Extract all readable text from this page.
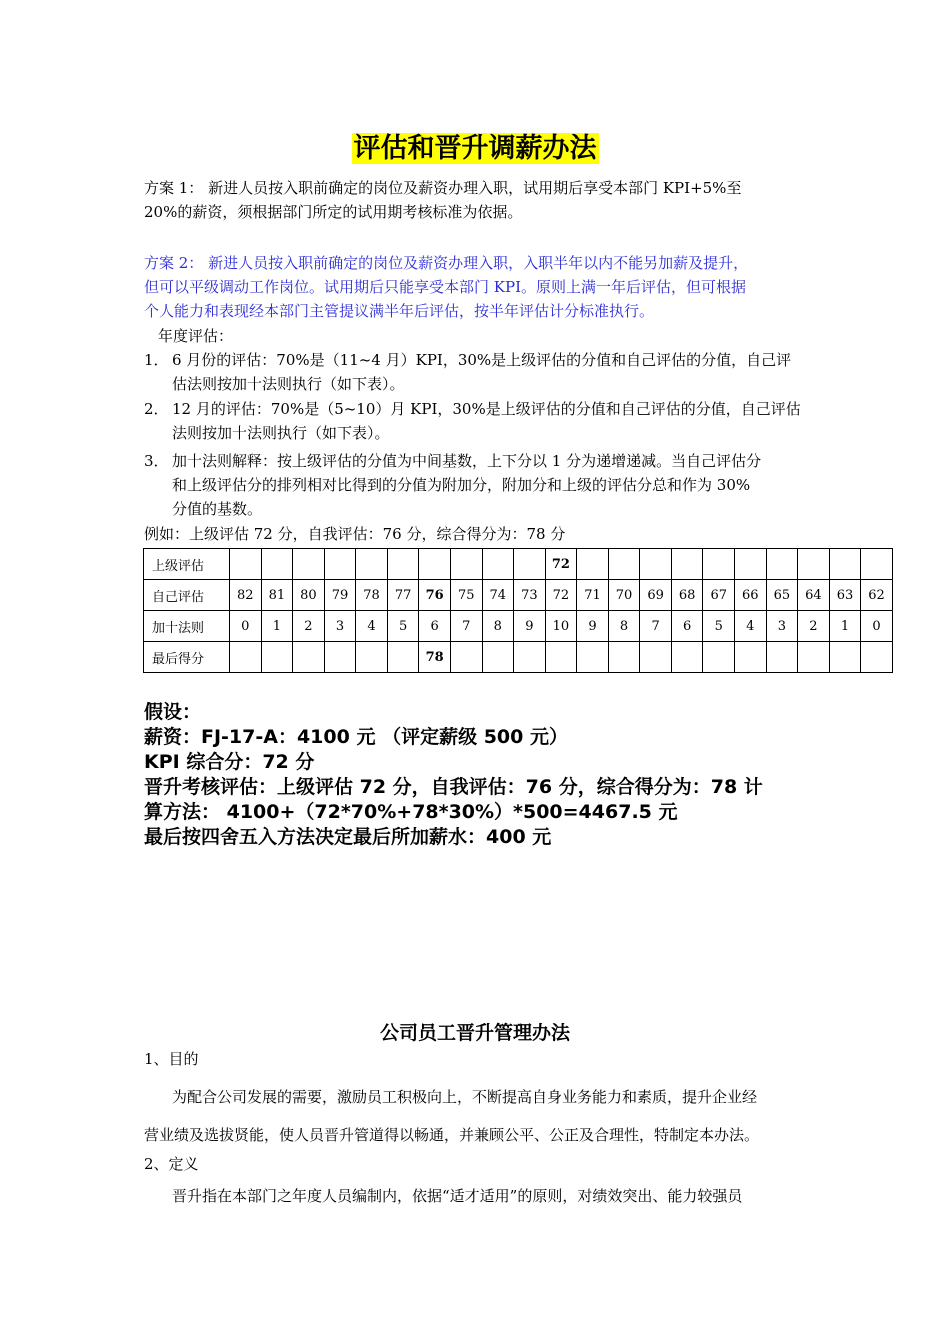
评估和晋升调薪办法
方案 1： 新进人员按入职前确定的岗位及薪资办理入职，试用期后享受本部门 KPI+5%至
20%的薪资，须根据部门所定的试用期考核标准为依据。
方案 2： 新进人员按入职前确定的岗位及薪资办理入职，入职半年以内不能另加薪及提升，
但可以平级调动工作岗位。试用期后只能享受本部门 KPI。原则上满一年后评估，但可根据
个人能力和表现经本部门主管提议满半年后评估，按半年评估计分标准执行。
年度评估：
1． 6 月份的评估：70%是（11~4 月）KPI，30%是上级评估的分值和自己评估的分值，自己评
估法则按加十法则执行（如下表）。
2． 12 月的评估：70%是（5~10）月 KPI，30%是上级评估的分值和自己评估的分值，自己评估
法则按加十法则执行（如下表）。
3． 加十法则解释：按上级评估的分值为中间基数，上下分以 1 分为递增递减。当自己评估分
和上级评估分的排列相对比得到的分值为附加分，附加分和上级的评估分总和作为 30%
分值的基数。
例如：上级评估 72 分，自我评估：76 分，综合得分为：78 分
上级评估											72										
自己评估	82	81	80	79	78	77	76	75	74	73	72	71	70	69	68	67	66	65	64	63	62
加十法则	0	1	2	3	4	5	6	7	8	9	10	9	8	7	6	5	4	3	2	1	0
最后得分							78														
假设：
薪资：FJ-17-A：4100 元 （评定薪级 500 元）
KPI 综合分：72 分
晋升考核评估：上级评估 72 分，自我评估：76 分，综合得分为：78 计
算方法： 4100+（72*70%+78*30%）*500=4467.5 元
最后按四舍五入方法决定最后所加薪水：400 元
公司员工晋升管理办法
1、目的
为配合公司发展的需要，激励员工积极向上，不断提高自身业务能力和素质，提升企业经
营业绩及选拔贤能，使人员晋升管道得以畅通，并兼顾公平、公正及合理性，特制定本办法。
2、定义
晋升指在本部门之年度人员编制内，依据“适才适用”的原则，对绩效突出、能力较强员
